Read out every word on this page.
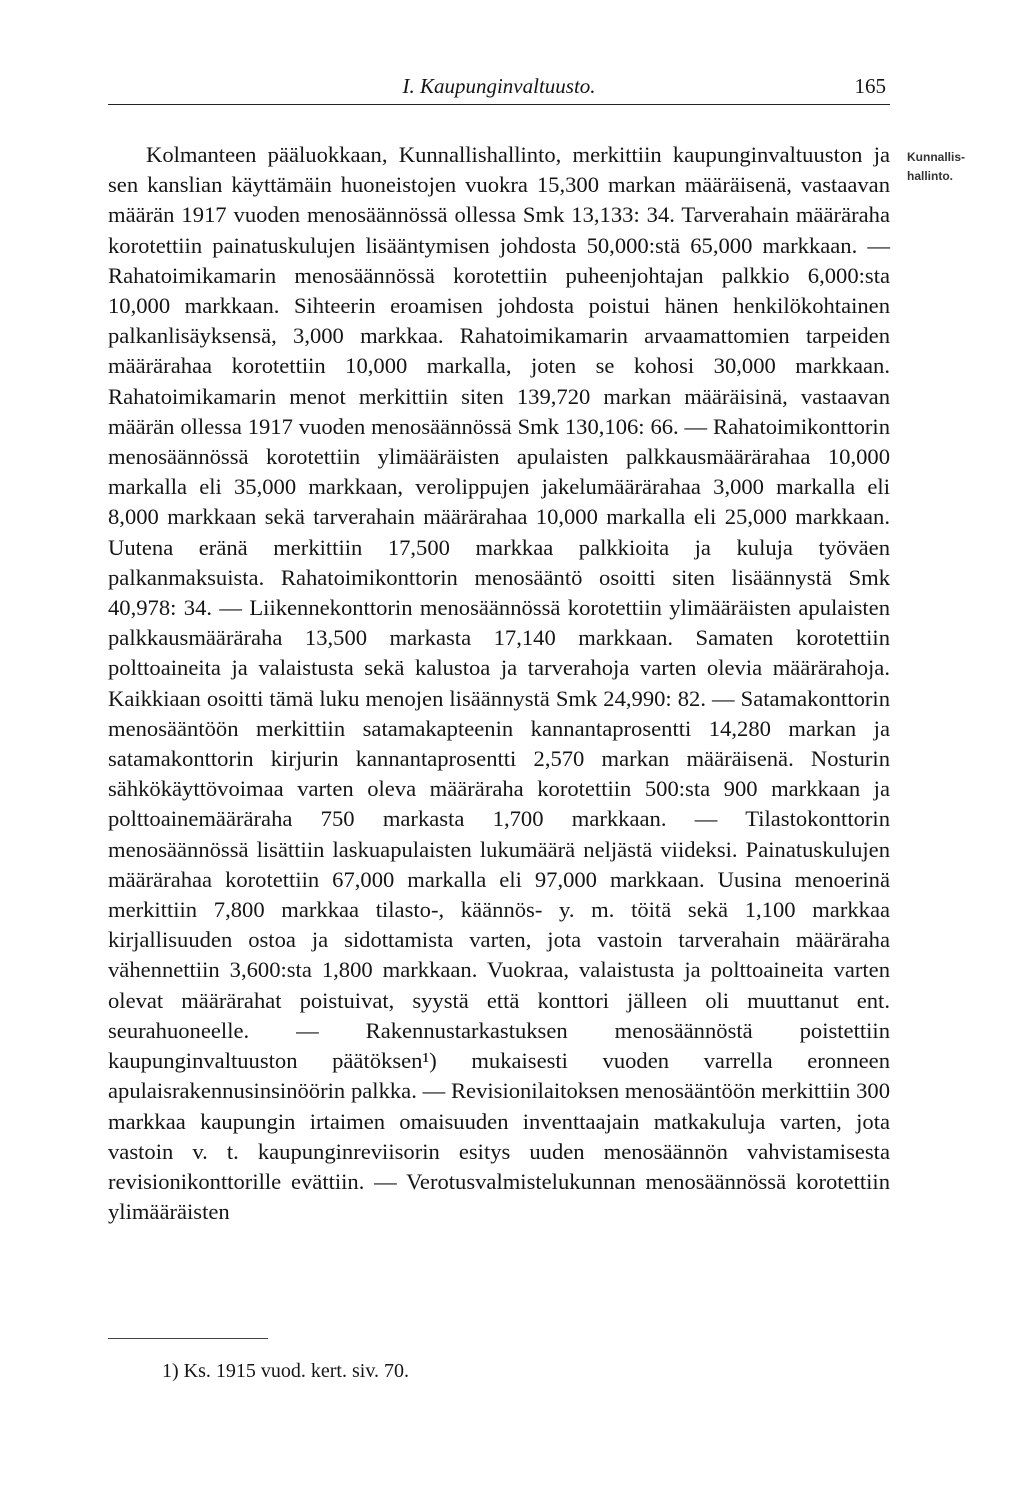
I. Kaupunginvaltuusto.	165

Kolmanteen pääluokkaan, Kunnallishallinto, merkittiin kaupunginvaltuuston ja sen kanslian käyttämäin huoneistojen vuokra 15,300 markan määräisenä, vastaavan määrän 1917 vuoden menosäännössä ollessa Smk 13,133: 34. Tarverahain määräraha korotettiin painatuskulujen lisääntymisen johdosta 50,000:stä 65,000 markkaan. — Rahatoimikamarin menosäännössä korotettiin puheenjohtajan palkkio 6,000:sta 10,000 markkaan. Sihteerin eroamisen johdosta poistui hänen henkilökohtainen palkanlisäyksensä, 3,000 markkaa. Rahatoimikamarin arvaamattomien tarpeiden määrärahaa korotettiin 10,000 markalla, joten se kohosi 30,000 markkaan. Rahatoimikamarin menot merkittiin siten 139,720 markan määräisinä, vastaavan määrän ollessa 1917 vuoden menosäännössä Smk 130,106: 66. — Rahatoimikonttorin menosäännössä korotettiin ylimääräisten apulaisten palkkausmäärärahaa 10,000 markalla eli 35,000 markkaan, verolippujen jakelumäärärahaa 3,000 markalla eli 8,000 markkaan sekä tarverahain määrärahaa 10,000 markalla eli 25,000 markkaan. Uutena eränä merkittiin 17,500 markkaa palkkioita ja kuluja työväen palkanmaksuista. Rahatoimikonttorin menosääntö osoitti siten lisäännystä Smk 40,978: 34. — Liikennekonttorin menosäännössä korotettiin ylimääräisten apulaisten palkkausmääräraha 13,500 markasta 17,140 markkaan. Samaten korotettiin polttoaineita ja valaistusta sekä kalustoa ja tarverahoja varten olevia määrärahoja. Kaikkiaan osoitti tämä luku menojen lisäännystä Smk 24,990: 82. — Satamakonttorin menosääntöön merkittiin satamakapteenin kannantaprosentti 14,280 markan ja satamakonttorin kirjurin kannantaprosentti 2,570 markan määräisenä. Nosturin sähkökäyttövoimaa varten oleva määräraha korotettiin 500:sta 900 markkaan ja polttoainemääräraha 750 markasta 1,700 markkaan. — Tilastokonttorin menosäännössä lisättiin laskuapulaisten lukumäärä neljästä viideksi. Painatuskulujen määrärahaa korotettiin 67,000 markalla eli 97,000 markkaan. Uusina menoerinä merkittiin 7,800 markkaa tilasto-, käännös- y. m. töitä sekä 1,100 markkaa kirjallisuuden ostoa ja sidottamista varten, jota vastoin tarverahain määräraha vähennettiin 3,600:sta 1,800 markkaan. Vuokraa, valaistusta ja polttoaineita varten olevat määrärahat poistuivat, syystä että konttori jälleen oli muuttanut ent. seurahuoneelle. — Rakennustarkastuksen menosäännöstä poistettiin kaupunginvaltuuston päätöksen¹) mukaisesti vuoden varrella eronneen apulaisrakennusinsinöörin palkka. — Revisionilaitoksen menosääntöön merkittiin 300 markkaa kaupungin irtaimen omaisuuden inventtaajain matkakuluja varten, jota vastoin v. t. kaupunginreviisorin esitys uuden menosäännön vahvistamisesta revisionikonttorille evättiin. — Verotusvalmistelukunnan menosäännössä korotettiin ylimääräisten

Kunnallis-
hallinto.
1) Ks. 1915 vuod. kert. siv. 70.
